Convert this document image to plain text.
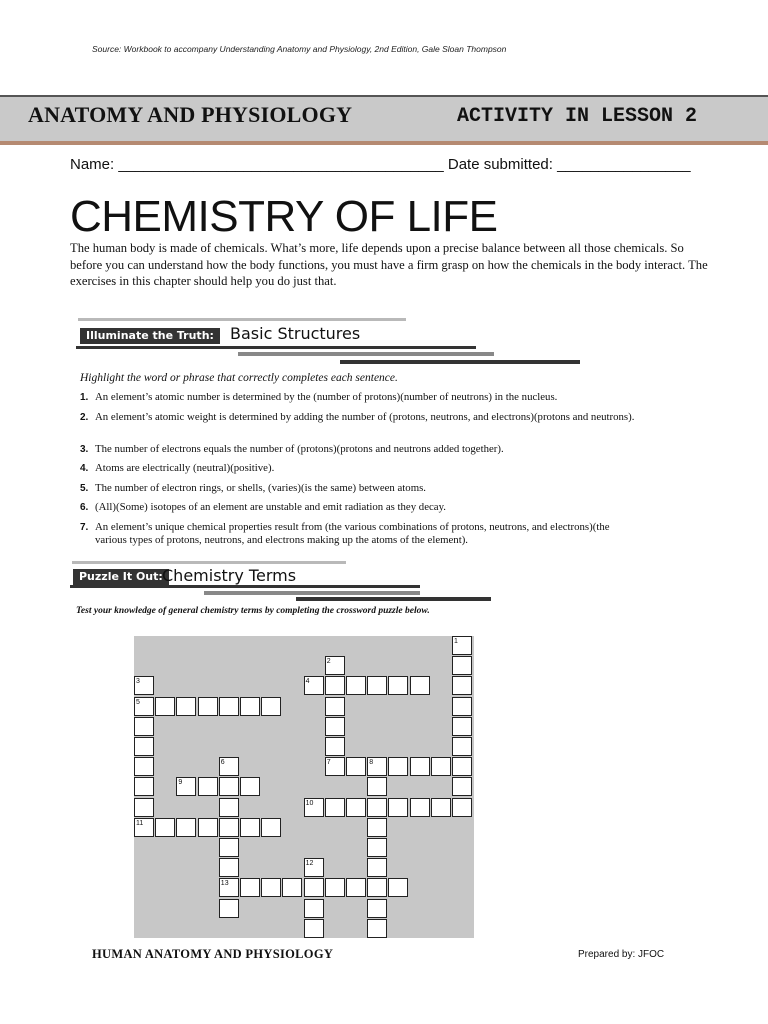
Source: Workbook to accompany Understanding Anatomy and Physiology, 2nd Edition, Gale Sloan Thompson
ANATOMY AND PHYSIOLOGY	ACTIVITY IN LESSON 2
Name: _______________________________________ Date submitted: ________________
CHEMISTRY OF LIFE
The human body is made of chemicals. What’s more, life depends upon a precise balance between all those chemicals. So before you can understand how the body functions, you must have a firm grasp on how the chemicals in the body interact. The exercises in this chapter should help you do just that.
Illuminate the Truth:	Basic Structures
Highlight the word or phrase that correctly completes each sentence.
1. An element’s atomic number is determined by the (number of protons)(number of neutrons) in the nucleus.
2. An element’s atomic weight is determined by adding the number of (protons, neutrons, and electrons)(protons and neutrons).
3. The number of electrons equals the number of (protons)(protons and neutrons added together).
4. Atoms are electrically (neutral)(positive).
5. The number of electron rings, or shells, (varies)(is the same) between atoms.
6. (All)(Some) isotopes of an element are unstable and emit radiation as they decay.
7. An element’s unique chemical properties result from (the various combinations of protons, neutrons, and electrons)(the various types of protons, neutrons, and electrons making up the atoms of the element).
Puzzle It Out: Chemistry Terms
Test your knowledge of general chemistry terms by completing the crossword puzzle below.
1
2
3	4
5
6	7	8
9
10
11
12
13
HUMAN ANATOMY AND PHYSIOLOGY	Prepared by: JFOC
